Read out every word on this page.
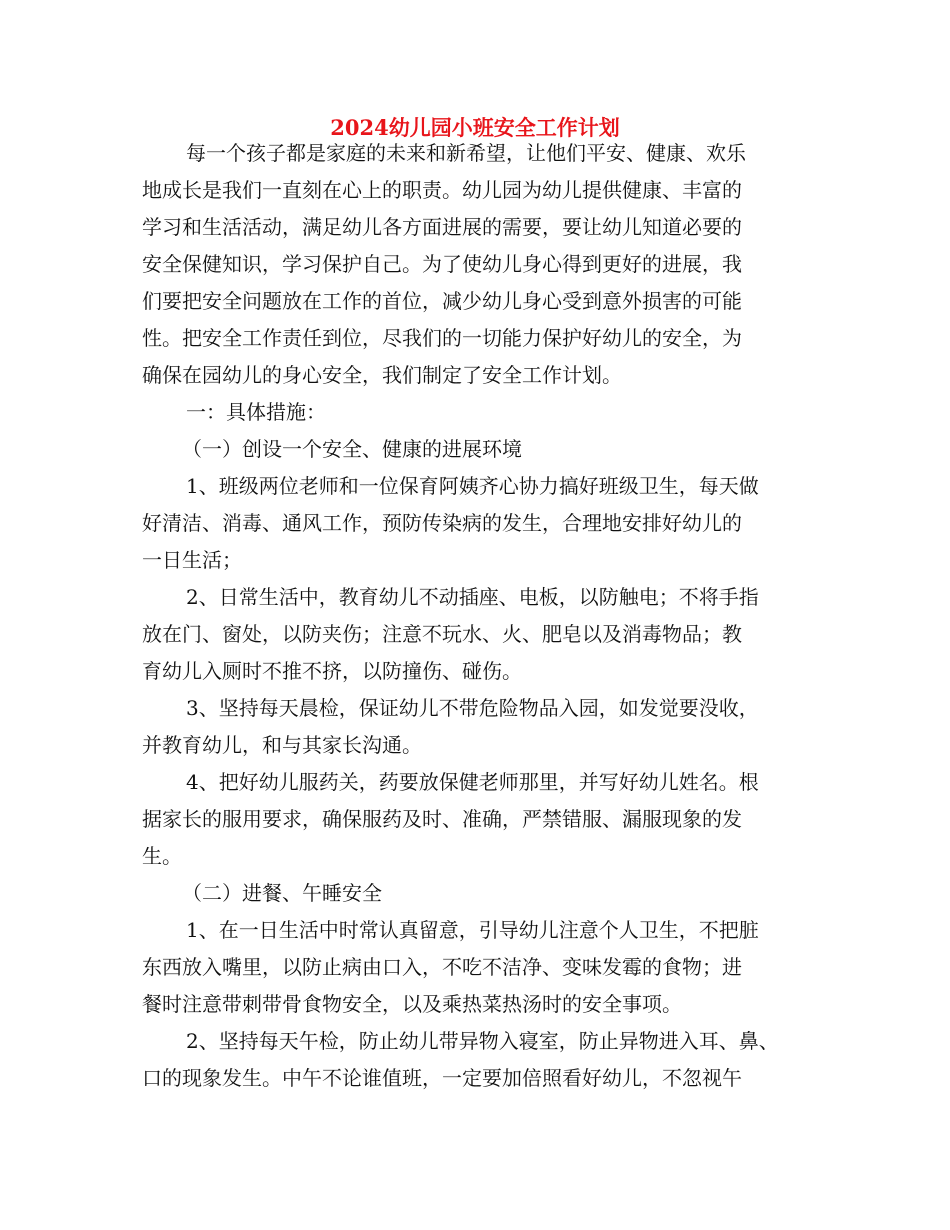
2024幼儿园小班安全工作计划
每一个孩子都是家庭的未来和新希望，让他们平安、健康、欢乐
地成长是我们一直刻在心上的职责。幼儿园为幼儿提供健康、丰富的
学习和生活活动，满足幼儿各方面进展的需要，要让幼儿知道必要的
安全保健知识，学习保护自己。为了使幼儿身心得到更好的进展，我
们要把安全问题放在工作的首位，减少幼儿身心受到意外损害的可能
性。把安全工作责任到位，尽我们的一切能力保护好幼儿的安全，为
确保在园幼儿的身心安全，我们制定了安全工作计划。
一：具体措施：
（一）创设一个安全、健康的进展环境
1、班级两位老师和一位保育阿姨齐心协力搞好班级卫生，每天做
好清洁、消毒、通风工作，预防传染病的发生，合理地安排好幼儿的
一日生活；
2、日常生活中，教育幼儿不动插座、电板，以防触电；不将手指
放在门、窗处，以防夹伤；注意不玩水、火、肥皂以及消毒物品；教
育幼儿入厕时不推不挤，以防撞伤、碰伤。
3、坚持每天晨检，保证幼儿不带危险物品入园，如发觉要没收，
并教育幼儿，和与其家长沟通。
4、把好幼儿服药关，药要放保健老师那里，并写好幼儿姓名。根
据家长的服用要求，确保服药及时、准确，严禁错服、漏服现象的发
生。
（二）进餐、午睡安全
1、在一日生活中时常认真留意，引导幼儿注意个人卫生，不把脏
东西放入嘴里，以防止病由口入，不吃不洁净、变味发霉的食物；进
餐时注意带刺带骨食物安全，以及乘热菜热汤时的安全事项。
2、坚持每天午检，防止幼儿带异物入寝室，防止异物进入耳、鼻、
口的现象发生。中午不论谁值班，一定要加倍照看好幼儿，不忽视午
